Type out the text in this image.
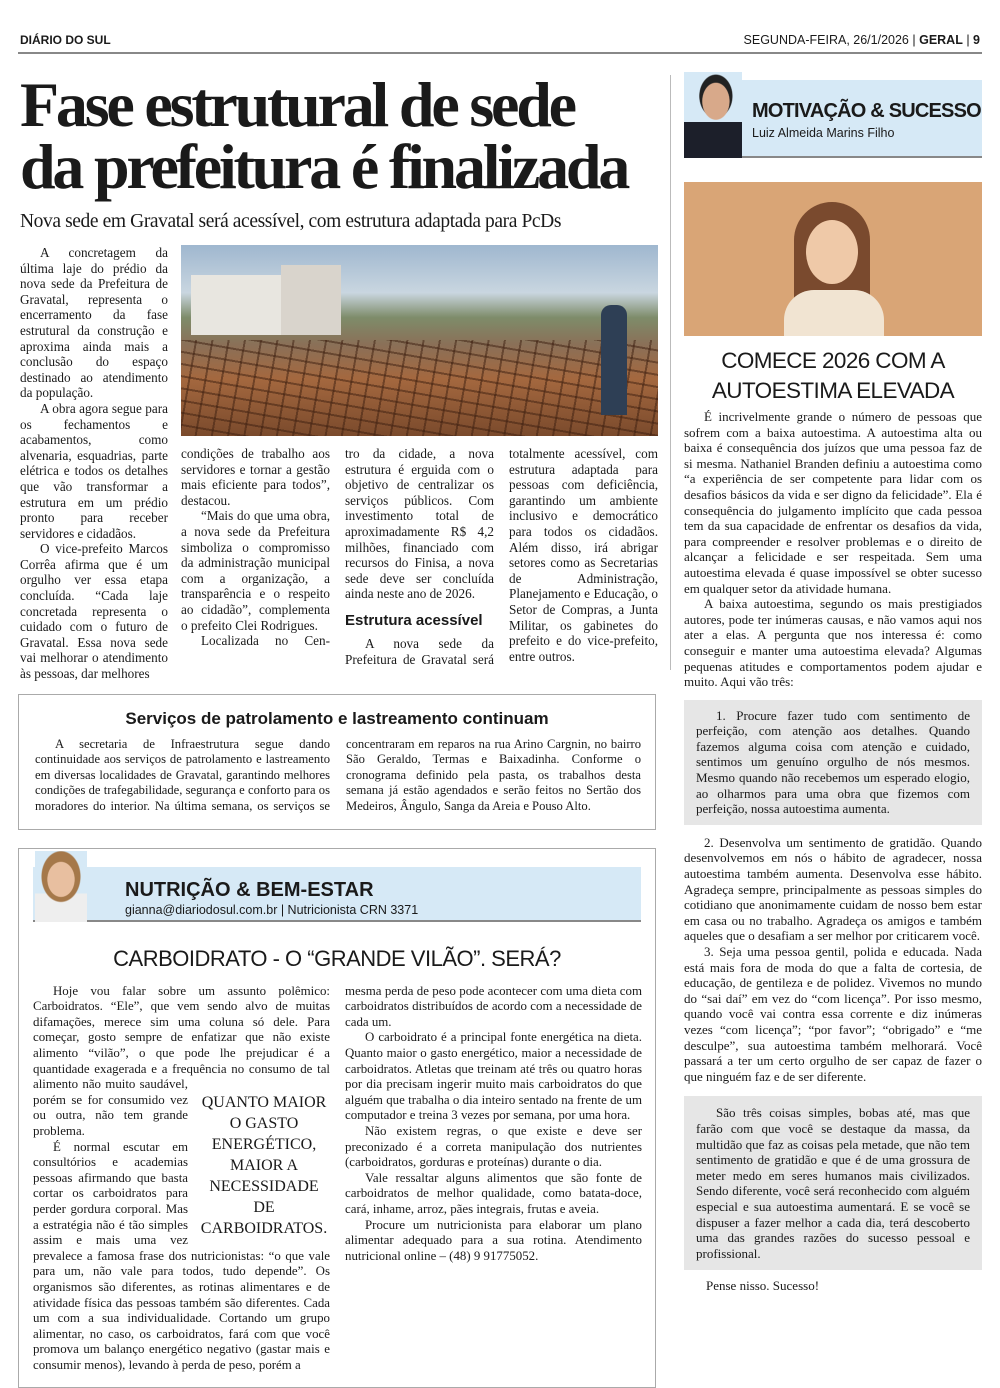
DIÁRIO DO SUL	SEGUNDA-FEIRA, 26/1/2026 | GERAL | 9
Fase estrutural de sede
da prefeitura é finalizada
Nova sede em Gravatal será acessível, com estrutura adaptada para PcDs

A concretagem da última laje do prédio da nova sede da Prefeitura de Gravatal, representa o encerramento da fase estrutural da construção e aproxima ainda mais a conclusão do espaço destinado ao atendimento da população.

A obra agora segue para os fechamentos e acabamentos, como alvenaria, esquadrias, parte elétrica e todos os detalhes que vão transformar a estrutura em um prédio pronto para receber servidores e cidadãos.

O vice-prefeito Marcos Corrêa afirma que é um orgulho ver essa etapa concluída. “Cada laje concretada representa o cuidado com o futuro de Gravatal. Essa nova sede vai melhorar o atendimento às pessoas, dar melhores

condições de trabalho aos servidores e tornar a gestão mais eficiente para todos”, destacou.

“Mais do que uma obra, a nova sede da Prefeitura simboliza o compromisso da administração municipal com a organização, a transparência e o respeito ao cidadão”, complementa o prefeito Clei Rodrigues.

Localizada no Cen-

tro da cidade, a nova estrutura é erguida com o objetivo de centralizar os serviços públicos. Com investimento total de aproximadamente R$ 4,2 milhões, financiado com recursos do Finisa, a nova sede deve ser concluída ainda neste ano de 2026.

Estrutura acessível

A nova sede da Prefeitura de Gravatal será

totalmente acessível, com estrutura adaptada para pessoas com deficiência, garantindo um ambiente inclusivo e democrático para todos os cidadãos. Além disso, irá abrigar setores como as Secretarias de Administração, Planejamento e Educação, o Setor de Compras, a Junta Militar, os gabinetes do prefeito e do vice-prefeito, entre outros.

Serviços de patrolamento e lastreamento continuam

A secretaria de Infraestrutura segue dando continuidade aos serviços de patrolamento e lastreamento em diversas localidades de Gravatal, garantindo melhores condições de trafegabilidade, segurança e conforto para os moradores do interior. Na última semana, os serviços se concentraram em reparos na rua Arino Cargnin, no bairro São Geraldo, Termas e Baixadinha. Conforme o cronograma definido pela pasta, os trabalhos desta semana já estão agendados e serão feitos no Sertão dos Medeiros, Ângulo, Sanga da Areia e Pouso Alto.

NUTRIÇÃO & BEM-ESTAR
gianna@diariodosul.com.br | Nutricionista CRN 3371
CARBOIDRATO - O “GRANDE VILÃO”. SERÁ?
QUANTO MAIOR O GASTO ENERGÉTICO, MAIOR A NECESSIDADE DE CARBOIDRATOS.

Hoje vou falar sobre um assunto polêmico: Carboidratos. “Ele”, que vem sendo alvo de muitas difamações, merece sim uma coluna só dele. Para começar, gosto sempre de enfatizar que não existe alimento “vilão”, o que pode lhe prejudicar é a quantidade exagerada e a frequência no consumo de tal alimento não muito saudável, porém se for consumido vez ou outra, não tem grande problema.

É normal escutar em consultórios e academias pessoas afirmando que basta cortar os carboidratos para perder gordura corporal. Mas a estratégia não é tão simples assim e mais uma vez prevalece a famosa frase dos nutricionistas: “o que vale para um, não vale para todos, tudo depende”. Os organismos são diferentes, as rotinas alimentares e de atividade física das pessoas também são diferentes. Cada um com a sua individualidade. Cortando um grupo alimentar, no caso, os carboidratos, fará com que você promova um balanço energético negativo (gastar mais e consumir menos), levando à perda de peso, porém a

mesma perda de peso pode acontecer com uma dieta com carboidratos distribuídos de acordo com a necessidade de cada um.

O carboidrato é a principal fonte energética na dieta. Quanto maior o gasto energético, maior a necessidade de carboidratos. Atletas que treinam até três ou quatro horas por dia precisam ingerir muito mais carboidratos do que alguém que trabalha o dia inteiro sentado na frente de um computador e treina 3 vezes por semana, por uma hora.

Não existem regras, o que existe e deve ser preconizado é a correta manipulação dos nutrientes (carboidratos, gorduras e proteínas) durante o dia.

Vale ressaltar alguns alimentos que são fonte de carboidratos de melhor qualidade, como batata-doce, cará, inhame, arroz, pães integrais, frutas e aveia.

Procure um nutricionista para elaborar um plano alimentar adequado para a sua rotina. Atendimento nutricional online – (48) 9 91775052.

MOTIVAÇÃO & SUCESSO
Luiz Almeida Marins Filho
COMECE 2026 COM A
AUTOESTIMA ELEVADA

É incrivelmente grande o número de pessoas que sofrem com a baixa autoestima. A autoestima alta ou baixa é consequência dos juízos que uma pessoa faz de si mesma. Nathaniel Branden definiu a autoestima como “a experiência de ser competente para lidar com os desafios básicos da vida e ser digno da felicidade”. Ela é consequência do julgamento implícito que cada pessoa tem da sua capacidade de enfrentar os desafios da vida, para compreender e resolver problemas e o direito de alcançar a felicidade e ser respeitada. Sem uma autoestima elevada é quase impossível se obter sucesso em qualquer setor da atividade humana.

A baixa autoestima, segundo os mais prestigiados autores, pode ter inúmeras causas, e não vamos aqui nos ater a elas. A pergunta que nos interessa é: como conseguir e manter uma autoestima elevada? Algumas pequenas atitudes e comportamentos podem ajudar e muito. Aqui vão três:

1. Procure fazer tudo com sentimento de perfeição, com atenção aos detalhes. Quando fazemos alguma coisa com atenção e cuidado, sentimos um genuíno orgulho de nós mesmos. Mesmo quando não recebemos um esperado elogio, ao olharmos para uma obra que fizemos com perfeição, nossa autoestima aumenta.

2. Desenvolva um sentimento de gratidão. Quando desenvolvemos em nós o hábito de agradecer, nossa autoestima também aumenta. Desenvolva esse hábito. Agradeça sempre, principalmente as pessoas simples do cotidiano que anonimamente cuidam de nosso bem estar em casa ou no trabalho. Agradeça os amigos e também aqueles que o desafiam a ser melhor por criticarem você.

3. Seja uma pessoa gentil, polida e educada. Nada está mais fora de moda do que a falta de cortesia, de educação, de gentileza e de polidez. Vivemos no mundo do “sai daí” em vez do “com licença”. Por isso mesmo, quando você vai contra essa corrente e diz inúmeras vezes “com licença”; “por favor”; “obrigado” e “me desculpe”, sua autoestima também melhorará. Você passará a ter um certo orgulho de ser capaz de fazer o que ninguém faz e de ser diferente.

São três coisas simples, bobas até, mas que farão com que você se destaque da massa, da multidão que faz as coisas pela metade, que não tem sentimento de gratidão e que é de uma grossura de meter medo em seres humanos mais civilizados. Sendo diferente, você será reconhecido com alguém especial e sua autoestima aumentará. E se você se dispuser a fazer melhor a cada dia, terá descoberto uma das grandes razões do sucesso pessoal e profissional.

Pense nisso. Sucesso!
